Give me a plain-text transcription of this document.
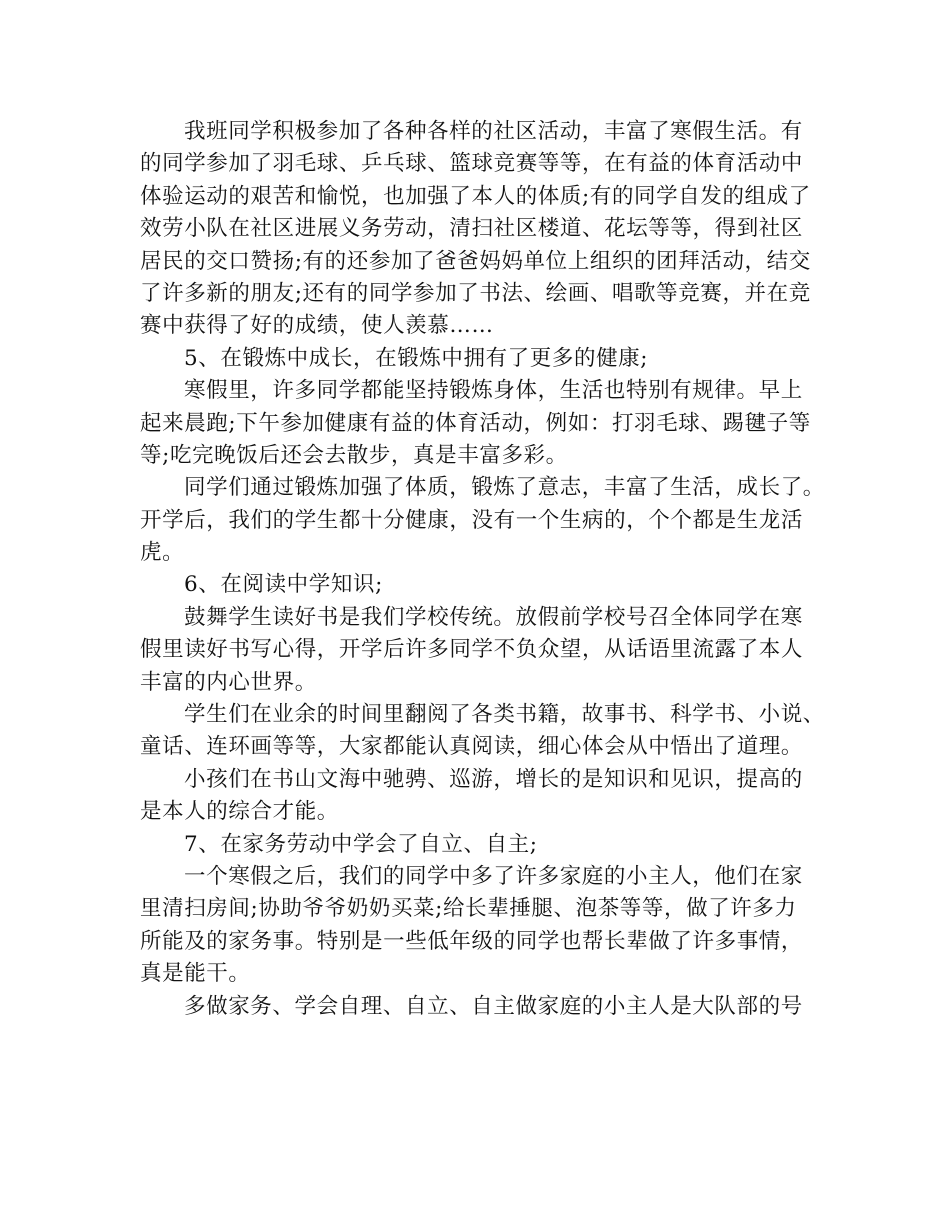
我班同学积极参加了各种各样的社区活动，丰富了寒假生活。有
的同学参加了羽毛球、乒乓球、篮球竞赛等等，在有益的体育活动中
体验运动的艰苦和愉悦，也加强了本人的体质;有的同学自发的组成了
效劳小队在社区进展义务劳动，清扫社区楼道、花坛等等，得到社区
居民的交口赞扬;有的还参加了爸爸妈妈单位上组织的团拜活动，结交
了许多新的朋友;还有的同学参加了书法、绘画、唱歌等竞赛，并在竞
赛中获得了好的成绩，使人羡慕……
5、在锻炼中成长，在锻炼中拥有了更多的健康;
寒假里，许多同学都能坚持锻炼身体，生活也特别有规律。早上
起来晨跑;下午参加健康有益的体育活动，例如：打羽毛球、踢毽子等
等;吃完晚饭后还会去散步，真是丰富多彩。
同学们通过锻炼加强了体质，锻炼了意志，丰富了生活，成长了。
开学后，我们的学生都十分健康，没有一个生病的，个个都是生龙活
虎。
6、在阅读中学知识;
鼓舞学生读好书是我们学校传统。放假前学校号召全体同学在寒
假里读好书写心得，开学后许多同学不负众望，从话语里流露了本人
丰富的内心世界。
学生们在业余的时间里翻阅了各类书籍，故事书、科学书、小说、
童话、连环画等等，大家都能认真阅读，细心体会从中悟出了道理。
小孩们在书山文海中驰骋、巡游，增长的是知识和见识，提高的
是本人的综合才能。
7、在家务劳动中学会了自立、自主;
一个寒假之后，我们的同学中多了许多家庭的小主人，他们在家
里清扫房间;协助爷爷奶奶买菜;给长辈捶腿、泡茶等等，做了许多力
所能及的家务事。特别是一些低年级的同学也帮长辈做了许多事情，
真是能干。
多做家务、学会自理、自立、自主做家庭的小主人是大队部的号
